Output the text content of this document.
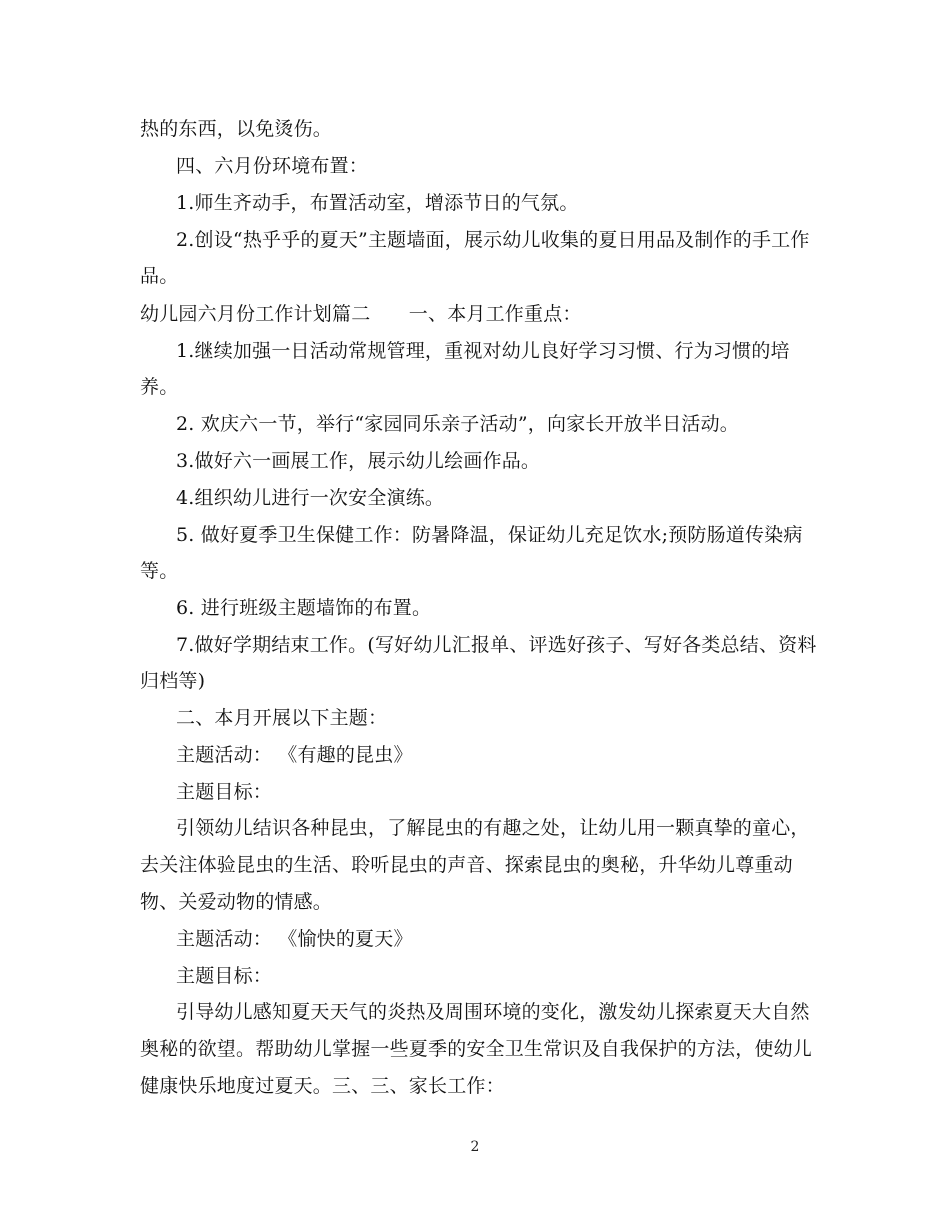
热的东西，以免烫伤。
四、六月份环境布置：
1.师生齐动手，布置活动室，增添节日的气氛。
2.创设“热乎乎的夏天”主题墙面，展示幼儿收集的夏日用品及制作的手工作
品。
幼儿园六月份工作计划篇二　　一、本月工作重点：
1.继续加强一日活动常规管理，重视对幼儿良好学习习惯、行为习惯的培
养。
2. 欢庆六一节，举行“家园同乐亲子活动”，向家长开放半日活动。
3.做好六一画展工作，展示幼儿绘画作品。
4.组织幼儿进行一次安全演练。
5. 做好夏季卫生保健工作：防暑降温，保证幼儿充足饮水;预防肠道传染病
等。
6. 进行班级主题墙饰的布置。
7.做好学期结束工作。(写好幼儿汇报单、评选好孩子、写好各类总结、资料
归档等)
二、本月开展以下主题：
主题活动： 《有趣的昆虫》
主题目标：
引领幼儿结识各种昆虫，了解昆虫的有趣之处，让幼儿用一颗真挚的童心，
去关注体验昆虫的生活、聆听昆虫的声音、探索昆虫的奥秘，升华幼儿尊重动
物、关爱动物的情感。
主题活动： 《愉快的夏天》
主题目标：
引导幼儿感知夏天天气的炎热及周围环境的变化，激发幼儿探索夏天大自然
奥秘的欲望。帮助幼儿掌握一些夏季的安全卫生常识及自我保护的方法，使幼儿
健康快乐地度过夏天。三、三、家长工作：
2
